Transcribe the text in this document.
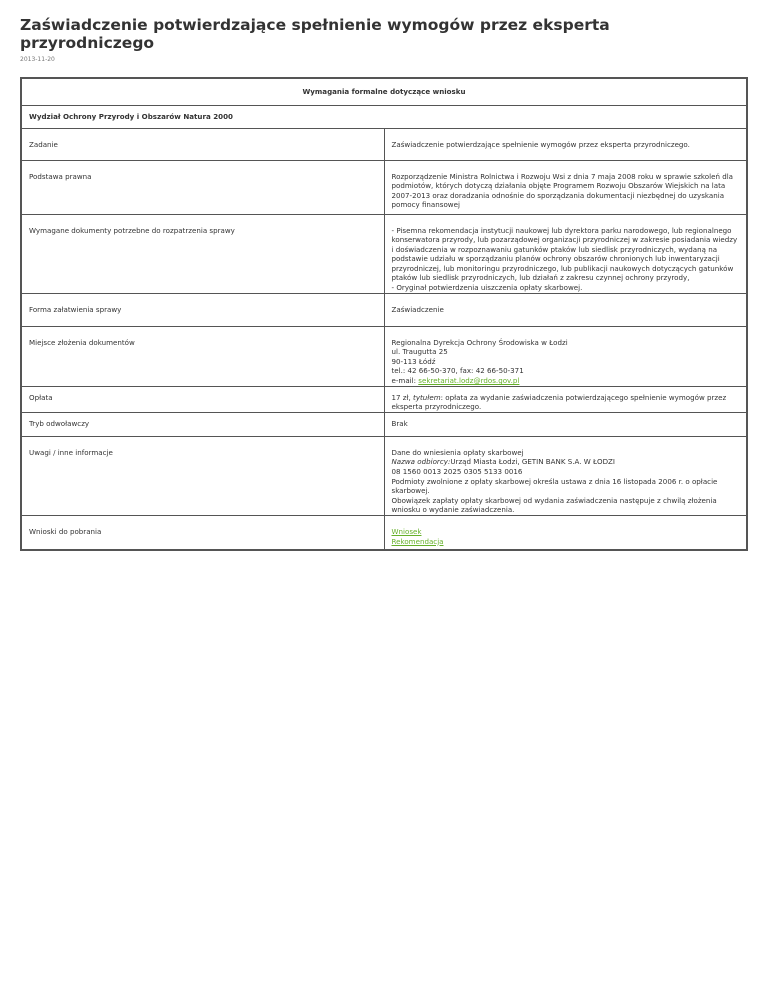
Zaświadczenie potwierdzające spełnienie wymogów przez eksperta przyrodniczego
2013-11-20
Wymagania formalne dotyczące wniosku	
Wydział Ochrony Przyrody i Obszarów Natura 2000	
Zadanie	Zaświadczenie potwierdzające spełnienie wymogów przez eksperta przyrodniczego.
Podstawa prawna	Rozporządzenie Ministra Rolnictwa i Rozwoju Wsi z dnia 7 maja 2008 roku w sprawie szkoleń dla podmiotów, których dotyczą działania objęte Programem Rozwoju Obszarów Wiejskich na lata 2007-2013 oraz doradzania odnośnie do sporządzania dokumentacji niezbędnej do uzyskania pomocy finansowej
Wymagane dokumenty potrzebne do rozpatrzenia sprawy	- Pisemna rekomendacja instytucji naukowej lub dyrektora parku narodowego, lub regionalnego konserwatora przyrody, lub pozarządowej organizacji przyrodniczej w zakresie posiadania wiedzy i doświadczenia w rozpoznawaniu gatunków ptaków lub siedlisk przyrodniczych, wydaną na podstawie udziału w sporządzaniu planów ochrony obszarów chronionych lub inwentaryzacji przyrodniczej, lub monitoringu przyrodniczego, lub publikacji naukowych dotyczących gatunków ptaków lub siedlisk przyrodniczych, lub działań z zakresu czynnej ochrony przyrody,
- Oryginał potwierdzenia uiszczenia opłaty skarbowej.

Forma załatwienia sprawy	Zaświadczenie
Miejsce złożenia dokumentów	Regionalna Dyrekcja Ochrony Środowiska w Łodzi
ul. Traugutta 25
90-113 Łódź
tel.: 42 66-50-370, fax: 42 66-50-371
e-mail: sekretariat.lodz@rdos.gov.pl

Opłata	17 zł, tytułem: opłata za wydanie zaświadczenia potwierdzającego spełnienie wymogów przez eksperta przyrodniczego.
Tryb odwoławczy	Brak
Uwagi / inne informacje	Dane do wniesienia opłaty skarbowej
Nazwa odbiorcy:Urząd Miasta Łodzi, GETIN BANK S.A. W ŁODZI
08 1560 0013 2025 0305 5133 0016
Podmioty zwolnione z opłaty skarbowej określa ustawa z dnia 16 listopada 2006 r. o opłacie skarbowej.
Obowiązek zapłaty opłaty skarbowej od wydania zaświadczenia następuje z chwilą złożenia wniosku o wydanie zaświadczenia.

Wnioski do pobrania	Wniosek
Rekomendacja
